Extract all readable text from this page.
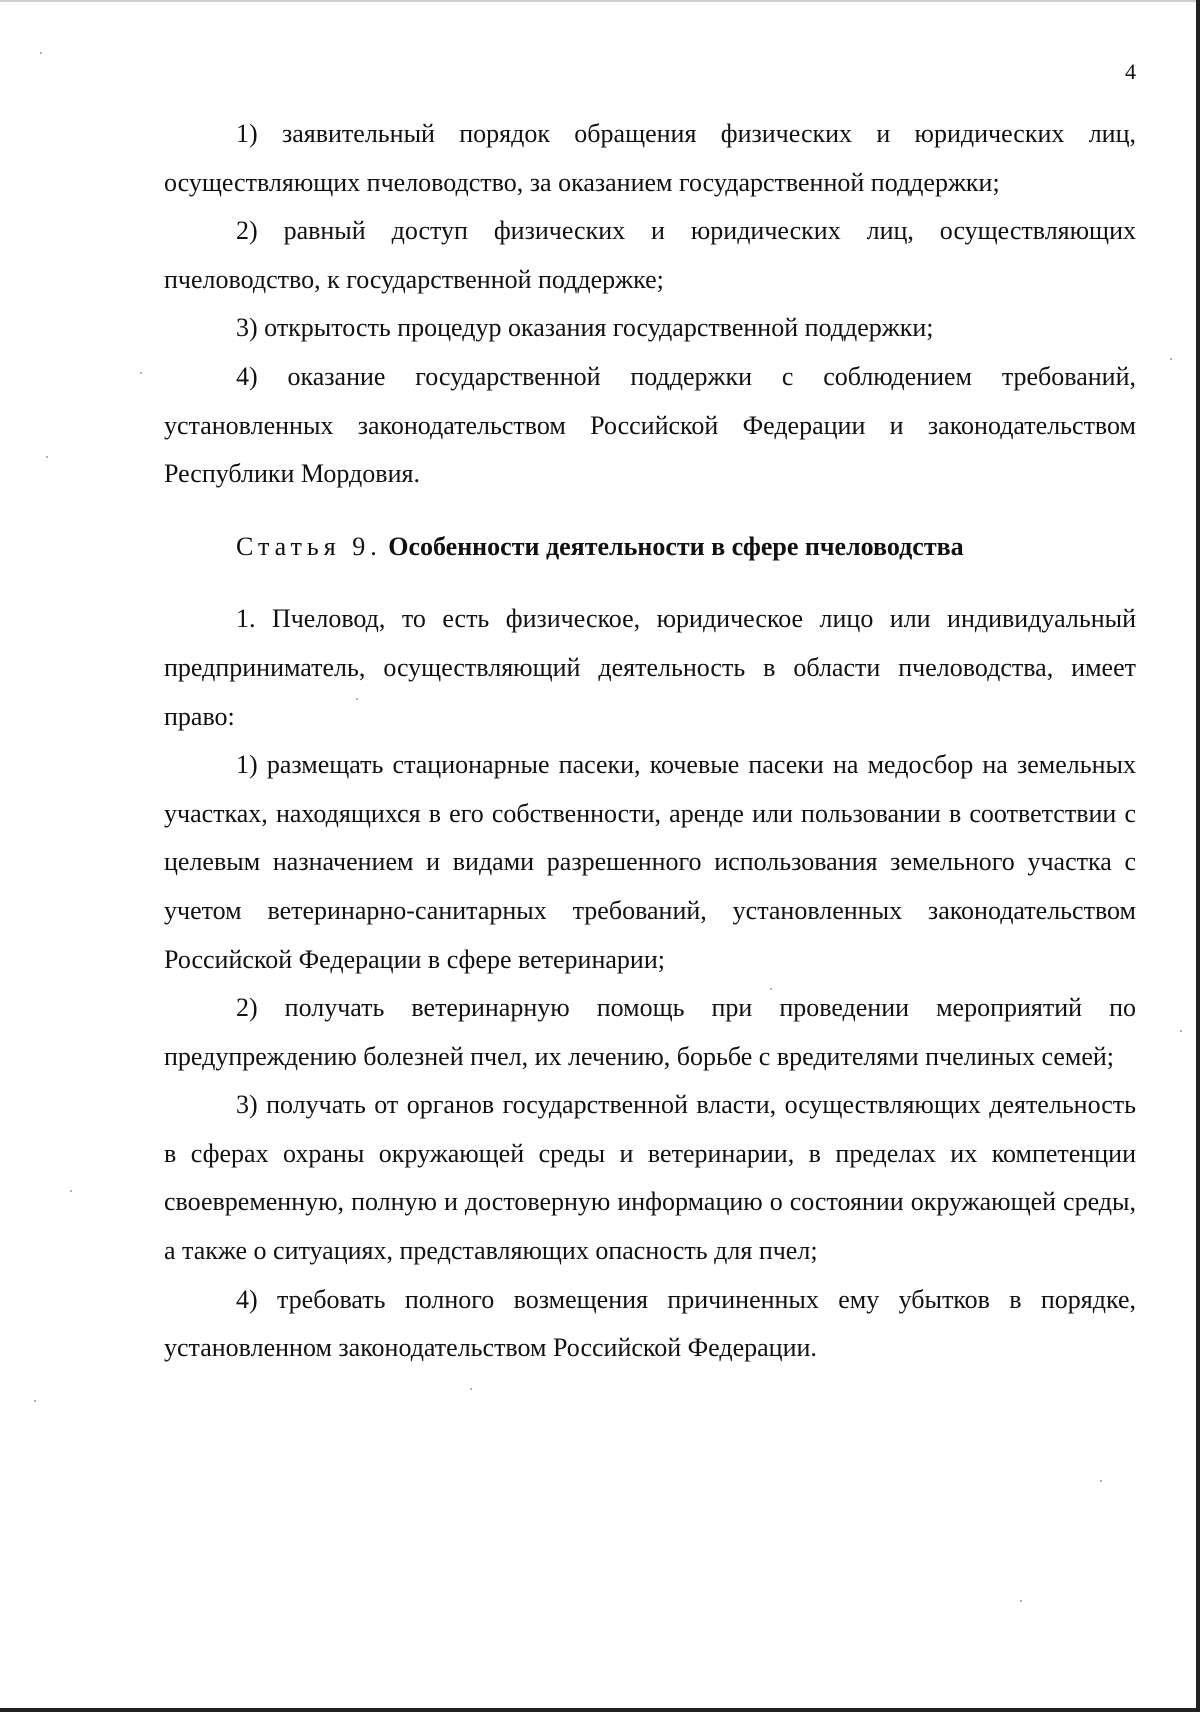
4

1) заявительный порядок обращения физических и юридических лиц, осуществляющих пчеловодство, за оказанием государственной поддержки;

2) равный доступ физических и юридических лиц, осуществляющих пчеловодство, к государственной поддержке;

3) открытость процедур оказания государственной поддержки;

4) оказание государственной поддержки с соблюдением требований, установленных законодательством Российской Федерации и законодательством Республики Мордовия.

Статья 9. Особенности деятельности в сфере пчеловодства

1. Пчеловод, то есть физическое, юридическое лицо или индивидуальный предприниматель, осуществляющий деятельность в области пчеловодства, имеет право:

1) размещать стационарные пасеки, кочевые пасеки на медосбор на земельных участках, находящихся в его собственности, аренде или пользовании в соответствии с целевым назначением и видами разрешенного использования земельного участка с учетом ветеринарно-санитарных требований, установленных законодательством Российской Федерации в сфере ветеринарии;

2) получать ветеринарную помощь при проведении мероприятий по предупреждению болезней пчел, их лечению, борьбе с вредителями пчелиных семей;

3) получать от органов государственной власти, осуществляющих деятельность в сферах охраны окружающей среды и ветеринарии, в пределах их компетенции своевременную, полную и достоверную информацию о состоянии окружающей среды, а также о ситуациях, представляющих опасность для пчел;

4) требовать полного возмещения причиненных ему убытков в порядке, установленном законодательством Российской Федерации.
